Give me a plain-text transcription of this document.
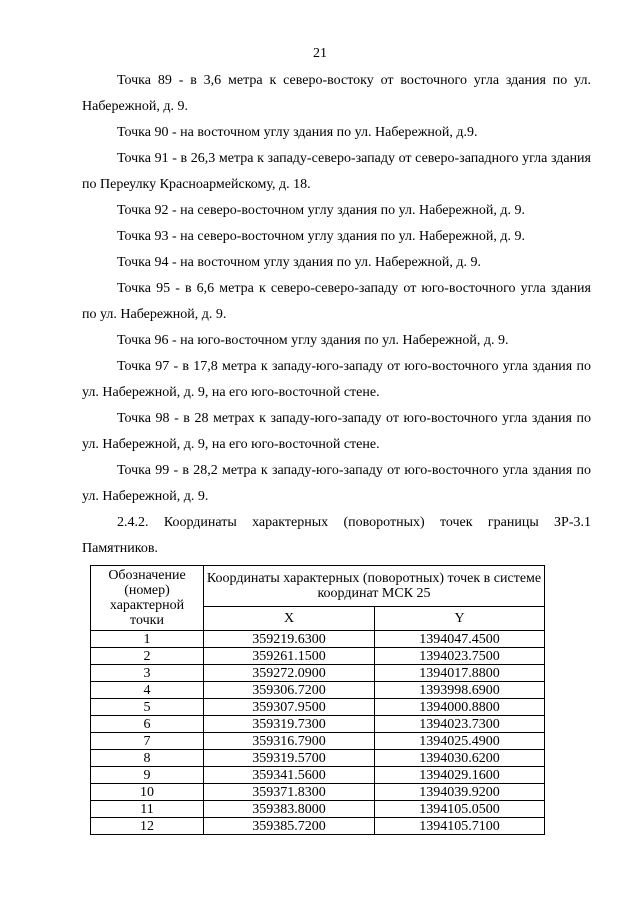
21

Точка 89 - в 3,6 метра к северо-востоку от восточного угла здания по ул. Набережной, д. 9.

Точка 90 - на восточном углу здания по ул. Набережной, д.9.

Точка 91 - в 26,3 метра к западу-северо-западу от северо-западного угла здания по Переулку Красноармейскому, д. 18.

Точка 92 - на северо-восточном углу здания по ул. Набережной, д. 9.

Точка 93 - на северо-восточном углу здания по ул. Набережной, д. 9.

Точка 94 - на восточном углу здания по ул. Набережной, д. 9.

Точка 95 - в 6,6 метра к северо-северо-западу от юго-восточного угла здания по ул. Набережной, д. 9.

Точка 96 - на юго-восточном углу здания по ул. Набережной, д. 9.

Точка 97 - в 17,8 метра к западу-юго-западу от юго-восточного угла здания по ул. Набережной, д. 9, на его юго-восточной стене.

Точка 98 - в 28 метрах к западу-юго-западу от юго-восточного угла здания по ул. Набережной, д. 9, на его юго-восточной стене.

Точка 99 - в 28,2 метра к западу-юго-западу от юго-восточного угла здания по ул. Набережной, д. 9.

2.4.2. Координаты характерных (поворотных) точек границы ЗР-3.1 Памятников.

Обозначение (номер) характерной точки	Координаты характерных (поворотных) точек в системе координат МСК 25	
	X	Y
1	359219.6300	1394047.4500
2	359261.1500	1394023.7500
3	359272.0900	1394017.8800
4	359306.7200	1393998.6900
5	359307.9500	1394000.8800
6	359319.7300	1394023.7300
7	359316.7900	1394025.4900
8	359319.5700	1394030.6200
9	359341.5600	1394029.1600
10	359371.8300	1394039.9200
11	359383.8000	1394105.0500
12	359385.7200	1394105.7100
